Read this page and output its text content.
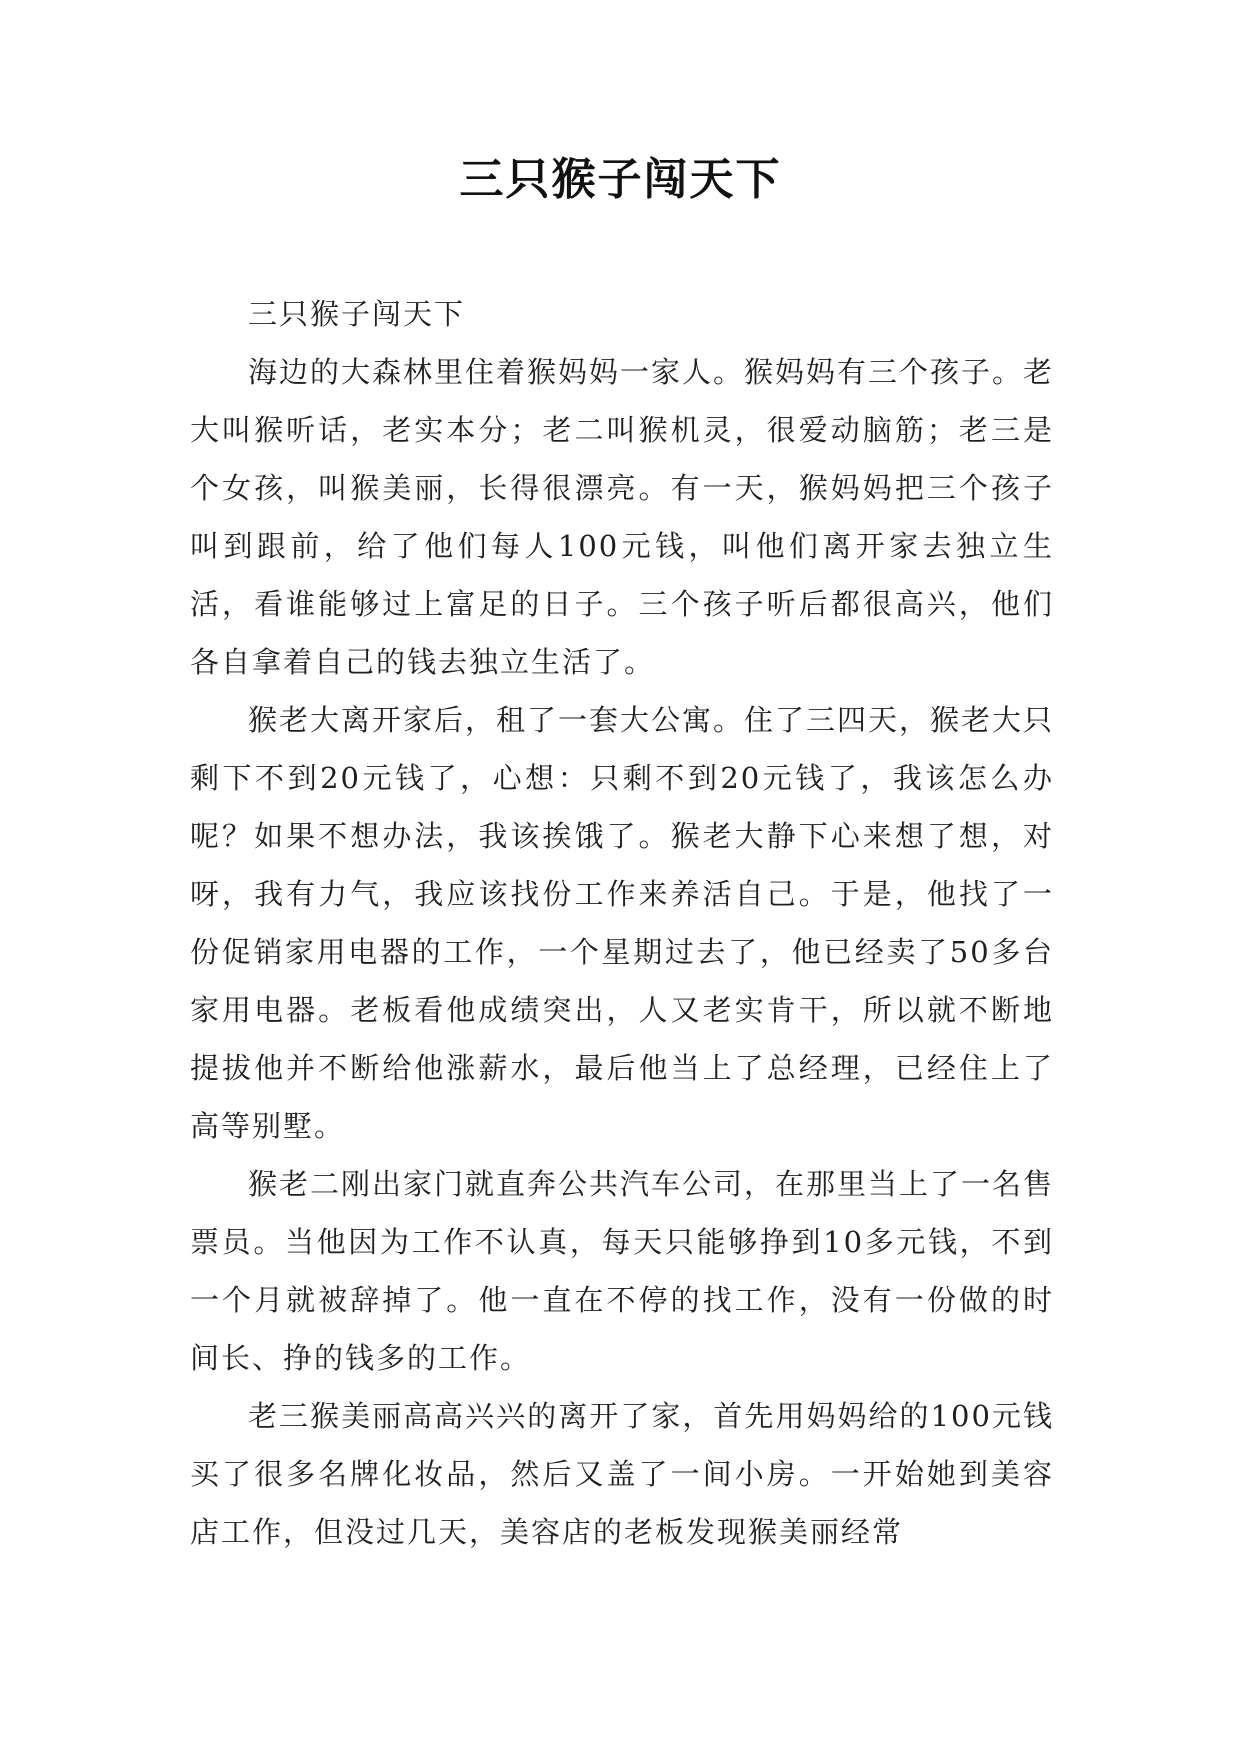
三只猴子闯天下

三只猴子闯天下

海边的大森林里住着猴妈妈一家人。猴妈妈有三个孩子。老大叫猴听话，老实本分；老二叫猴机灵，很爱动脑筋；老三是个女孩，叫猴美丽，长得很漂亮。有一天，猴妈妈把三个孩子叫到跟前，给了他们每人100元钱，叫他们离开家去独立生活，看谁能够过上富足的日子。三个孩子听后都很高兴，他们各自拿着自己的钱去独立生活了。

猴老大离开家后，租了一套大公寓。住了三四天，猴老大只剩下不到20元钱了，心想：只剩不到20元钱了，我该怎么办呢？如果不想办法，我该挨饿了。猴老大静下心来想了想，对呀，我有力气，我应该找份工作来养活自己。于是，他找了一份促销家用电器的工作，一个星期过去了，他已经卖了50多台家用电器。老板看他成绩突出，人又老实肯干，所以就不断地提拔他并不断给他涨薪水，最后他当上了总经理，已经住上了高等别墅。

猴老二刚出家门就直奔公共汽车公司，在那里当上了一名售票员。当他因为工作不认真，每天只能够挣到10多元钱，不到一个月就被辞掉了。他一直在不停的找工作，没有一份做的时间长、挣的钱多的工作。

老三猴美丽高高兴兴的离开了家，首先用妈妈给的100元钱买了很多名牌化妆品，然后又盖了一间小房。一开始她到美容店工作，但没过几天，美容店的老板发现猴美丽经常
